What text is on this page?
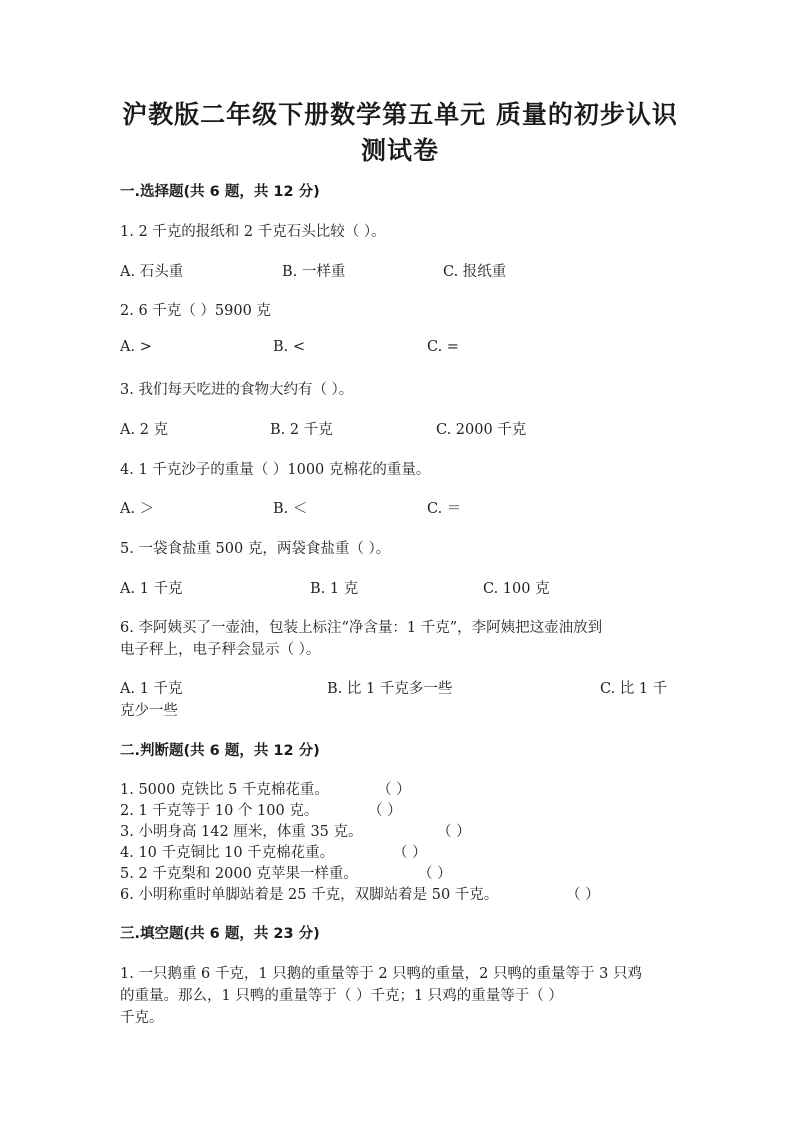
沪教版二年级下册数学第五单元 质量的初步认识
测试卷
一.选择题(共 6 题，共 12 分)
1. 2 千克的报纸和 2 千克石头比较（ ）。
A. 石头重	B. 一样重	C. 报纸重
2. 6 千克（ ）5900 克
A. >	B. <	C. =
3. 我们每天吃进的食物大约有（ ）。
A. 2 克	B. 2 千克	C. 2000 千克
4. 1 千克沙子的重量（ ）1000 克棉花的重量。
A. ＞	B. ＜	C. ＝
5. 一袋食盐重 500 克，两袋食盐重（ ）。
A. 1 千克	B. 1 克	C. 100 克
6. 李阿姨买了一壶油，包装上标注“净含量：1 千克”，李阿姨把这壶油放到
电子秤上，电子秤会显示（ ）。
A. 1 千克	B. 比 1 千克多一些	C. 比 1 千
克少一些
二.判断题(共 6 题，共 12 分)
1. 5000 克铁比 5 千克棉花重。	（ ）
2. 1 千克等于 10 个 100 克。	（ ）
3. 小明身高 142 厘米，体重 35 克。	（ ）
4. 10 千克铜比 10 千克棉花重。	（ ）
5. 2 千克梨和 2000 克苹果一样重。	（ ）
6. 小明称重时单脚站着是 25 千克，双脚站着是 50 千克。	（ ）
三.填空题(共 6 题，共 23 分)
1. 一只鹅重 6 千克，1 只鹅的重量等于 2 只鸭的重量，2 只鸭的重量等于 3 只鸡
的重量。那么，1 只鸭的重量等于（ ）千克；1 只鸡的重量等于（ ）
千克。
